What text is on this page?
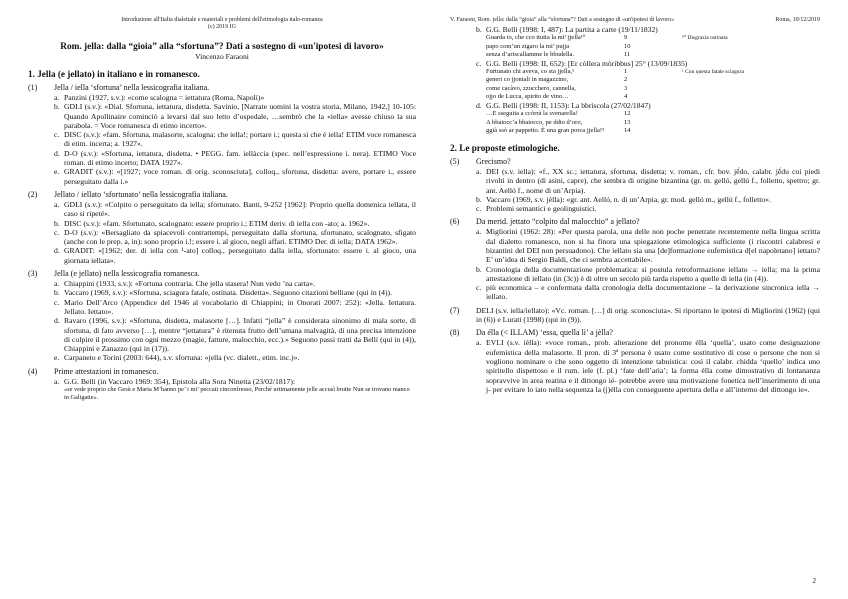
Introduzione all'Italia dialettale e materiali e problemi dell'etimologia italo-romanza
(c) 2019 IG
Rom. jella: dalla “gioia” alla “sfortuna”? Dati a sostegno di «un'ipotesi di lavoro»
Vincenzo Faraoni
1. Jella (e jellato) in italiano e in romanesco.
(1)	Jella / iella ‘sfortuna’ nella lessicografia italiana.
a. Panzini (1927, s.v.): «come scalogna = iettatura (Roma, Napoli)»
b. GDLI (s.v.): «Dial. Sfortuna, iettatura, disdetta. Savinio, [Narrate uomini la vostra storia, Milano, 1942,] 10-105: Quando Apollinaire cominciò a levarsi dal suo letto d’ospedale, …sembrò che la «iella» avesse chiuso la sua parabola. = Voce romanesca di etimo incerto».
c. DISC (s.v.): «fam. Sfortuna, malasorte, scalogna: che iella!; portare i.; questa si che è iella! ETIM voce romanesca di etim. incerta; a. 1927».
d. D-O (s.v.): «Sfortuna, iettatura, disdetta. • PEGG. fam. iellàccia (spec. nell’espressione i. nera). ETIMO Voce roman. di etimo incerto; DATA 1927».
e. GRADIT (s.v.): «[1927; voce roman. di orig. sconosciuta], colloq., sfortuna, disdetta: avere, portare i., essere perseguitato dalla i.»
(2)	Jellato / iellato ‘sfortunato’ nella lessicografia italiana.
a. GDLI (s.v.): «Colpito o perseguitato da iella; sfortunato. Banti, 9-252 [1962]: Proprio quella domenica iellata, il caso si ripeté».
b. DISC (s.v.): «fam. Sfortunato, scalognato: essere proprio i.; ETIM deriv. di iella con -ato; a. 1962».
c. D-O (s.v.): «Bersagliato da spiacevoli contrattempi, perseguitato dalla sfortuna, sfortunato, scalognato, sfigato (anche con le prep. a, in): sono proprio i.!; essere i. al gioco, negli affari. ETIMO Der. di iella; DATA 1962».
d. GRADIT: «[1962; der. di iella con ¹-ato] colloq., perseguitato dalla iella, sfortunato: essere i. al gioco, una giornata iellata».
(3)	Jella (e jellato) nella lessicografia romanesca.
a. Chiappini (1933, s.v.): «Fortuna contraria. Che jella stasera! Nun vedo ’na carta».
b. Vaccaro (1969, s.v.): «Sfortuna, sciagura fatale, ostinata. Disdetta». Seguono citazioni belliane (qui in (4)).
c. Mario Dell’Arco (Appendice del 1946 al vocabolario di Chiappini; in Onorati 2007: 252): «Jella. Iettatura. Jellato. Iettato».
d. Ravaro (1996, s.v.): «Sfortuna, disdetta, malasorte […]. Infatti “jella” è considerata sinonimo di mala sorte, di sfortuna, di fato avverso […], mentre “jettatura” è ritenuta frutto dell’umana malvagità, di una precisa intenzione di colpire il prossimo con ogni mezzo (magie, fatture, malocchio, ecc.).» Seguono passi tratti da Belli (qui in (4)), Chiappini e Zanazzo (qui in (17)).
e. Carpaneto e Torini (2003: 644), s.v. sfortuna: «jella (vc. dialett., etim. inc.)».
(4)	Prime attestazioni in romanesco.
a. G.G. Belli (in Vaccaro 1969: 354), Epistola alla Sora Ninetta (23/02/1817):
«se vede proprio che Gesù e Maria M’hanno pe’ i mi’ peccati cinconfresso, Perché urtimamente jelle accusì brutte Nun se trovano manco in Galigatte».
V. Faraoni, Rom. jella: dalla “gioia” alla “sfortuna”? Dati a sostegno di «un'ipotesi di lavoro»	Roma, 10/12/2019
b. G.G. Belli (1998: I, 487): La partita a carte (19/11/1832)
Guarda io, che cco ttutta la mi’ jjella¹⁰	9	¹⁰ Disgrazia ostinata
papo com’un zigaro la mi’ pujja	10
senza d’ariscallamme le bbudella.	11
c. G.G. Belli (1998: II, 652): [Er còllera mòribbus] 25° (13/09/1835)
Furtunato chi aveva, co sta jjella,¹	1	¹ Con questa fatale sciagura
generi co jjoniali in magazzino,	2
come cacàvo, zzucchero, cannella,	3
ojjo de Lucca, spirito de vino…	4
d. G.G. Belli (1998: II, 1153): La bbriscola (27/02/1847)
…E sseguita a ccòrrà la svenarella!	12
A bbaiocc’a bbaiocco, pe ddio d’oro,	13
ggià ssò ar pappetto. È una gran porca jjella!³	14
2. Le proposte etimologiche.
(5)	Grecismo?
a. DEI (s.v. iella): «f., XX sc.; iettatura, sfortuna, disdetta; v. roman., cfr. bov. jẽ́do, calabr. jẽ́du coi piedi rivolti in dentro (di asini, capre), che sembra di origine bizantina (gr. m. gelló, gellú f., folletto, spettro; gr. ant. Aelló f., nome di un’Arpia).
b. Vaccaro (1969, s.v. jèlla): «gr. ant. Aelló, n. di un’Arpia, gr. mod. gelló m., gellú f., folletto».
c. Problemi semantici e geolinguistici.
(6)	Da merid. jettato “colpito dal malocchio” a jellato?
a. Migliorini (1962: 28): «Per questa parola, una delle non poche penetrate recentemente nella lingua scritta dal dialetto romanesco, non si ha finora una spiegazione etimologica sufficiente (i riscontri calabresi e bizantini del DEI non persuadono). Che iellato sia una [de]formazione eufemistica d[el napoletano] iettato? E’ un’idea di Sergio Baldi, che ci sembra accettabile».
b. Cronologia della documentazione problematica: si postula retroformazione iellato → iella; ma la prima attestazione di iellato (in (3c)) è di oltre un secolo più tarda rispetto a quelle di iella (in (4)).
c. più economica – e confermata dalla cronologia della documentazione – la derivazione sincronica iella → iellato.
(7)	DELI (s.v. iella/iellato): «Vc. roman. […] di orig. sconosciuta». Si riportano le ipotesi di Migliorini (1962) (qui in (6)) e Lurati (1998) (qui in (9)).
(8)	Da élla (< ILLAM) ‘essa, quella lì’ a jèlla?
a. EVLI (s.v. ièlla): «voce roman., prob. alterazione del pronome élla ‘quella’, usato come designazione eufemistica della malasorte. Il pron. di 3ª persona è usato come sostitutivo di cose o persone che non si vogliono nominare o che sono oggetto di intenzione tabuistica: così il calabr. chidda ‘quello’ indica uno spiritello dispettoso e il rum. iele (f. pl.) ‘fate dell’aria’; la forma élla come dimostrativo di lontananza sopravvive in area reatina e il dittongo ié- potrebbe avere una motivazione fonetica nell’inserimento di una j- per evitare lo iato nella sequenza la (j)élla con conseguente apertura della e all’interno del dittongo ie».
2
